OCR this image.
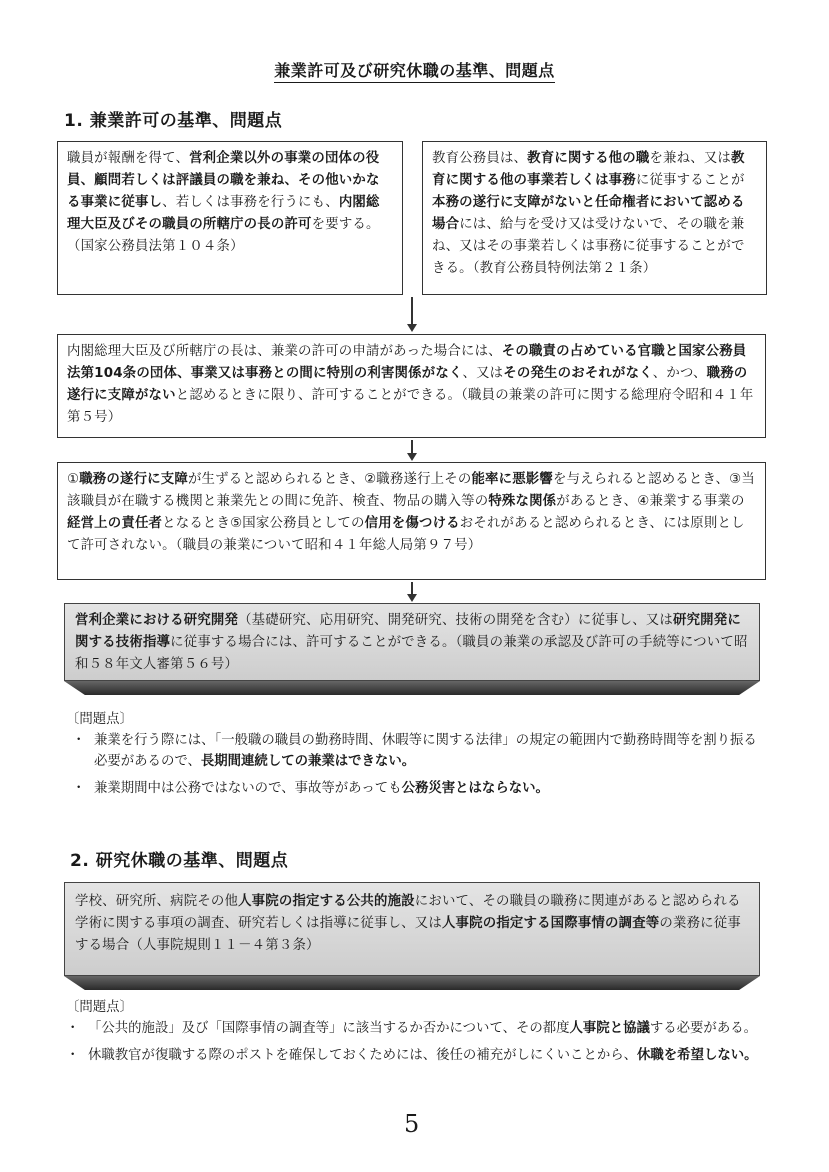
兼業許可及び研究休職の基準、問題点
1. 兼業許可の基準、問題点
職員が報酬を得て、営利企業以外の事業の団体の役員、顧問若しくは評議員の職を兼ね、その他いかなる事業に従事し、若しくは事務を行うにも、内閣総理大臣及びその職員の所轄庁の長の許可を要する。（国家公務員法第１０４条）
教育公務員は、教育に関する他の職を兼ね、又は教育に関する他の事業若しくは事務に従事することが本務の遂行に支障がないと任命権者において認める場合には、給与を受け又は受けないで、その職を兼ね、又はその事業若しくは事務に従事することができる。（教育公務員特例法第２１条）
内閣総理大臣及び所轄庁の長は、兼業の許可の申請があった場合には、その職責の占めている官職と国家公務員法第104条の団体、事業又は事務との間に特別の利害関係がなく、又はその発生のおそれがなく、かつ、職務の遂行に支障がないと認めるときに限り、許可することができる。（職員の兼業の許可に関する総理府令昭和４１年第５号）
①職務の遂行に支障が生ずると認められるとき、②職務遂行上その能率に悪影響を与えられると認めるとき、③当該職員が在職する機関と兼業先との間に免許、検査、物品の購入等の特殊な関係があるとき、④兼業する事業の経営上の責任者となるとき⑤国家公務員としての信用を傷つけるおそれがあると認められるとき、には原則として許可されない。（職員の兼業について昭和４１年総人局第９７号）
営利企業における研究開発（基礎研究、応用研究、開発研究、技術の開発を含む）に従事し、又は研究開発に関する技術指導に従事する場合には、許可することができる。（職員の兼業の承認及び許可の手続等について昭和５８年文人審第５６号）
〔問題点〕
・ 兼業を行う際には、「一般職の職員の勤務時間、休暇等に関する法律」の規定の範囲内で勤務時間等を割り振る必要があるので、長期間連続しての兼業はできない。
・ 兼業期間中は公務ではないので、事故等があっても公務災害とはならない。
2. 研究休職の基準、問題点
学校、研究所、病院その他人事院の指定する公共的施設において、その職員の職務に関連があると認められる学術に関する事項の調査、研究若しくは指導に従事し、又は人事院の指定する国際事情の調査等の業務に従事する場合（人事院規則１１－４第３条）
〔問題点〕
・ 「公共的施設」及び「国際事情の調査等」に該当するか否かについて、その都度人事院と協議する必要がある。
・ 休職教官が復職する際のポストを確保しておくためには、後任の補充がしにくいことから、休職を希望しない。
5
